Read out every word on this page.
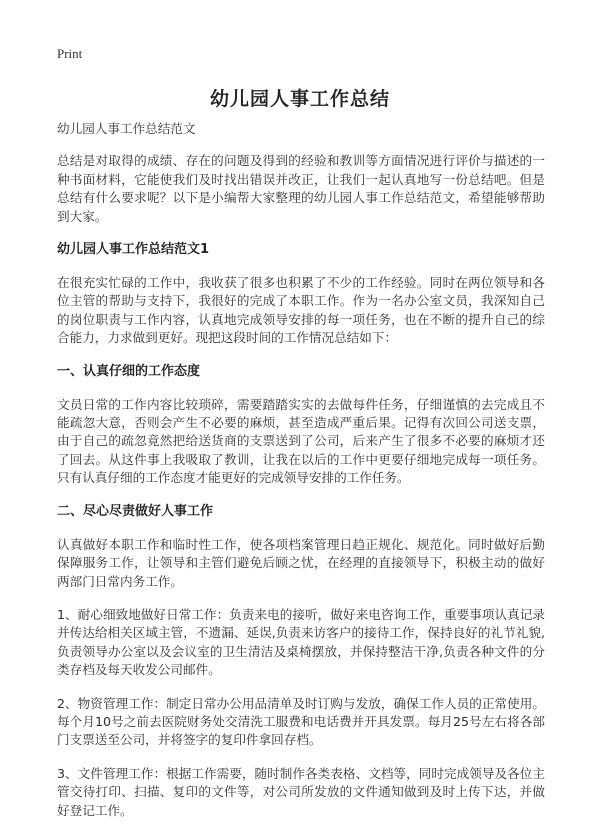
Print
幼儿园人事工作总结

幼儿园人事工作总结范文

总结是对取得的成绩、存在的问题及得到的经验和教训等方面情况进行评价与描述的一种书面材料，它能使我们及时找出错误并改正，让我们一起认真地写一份总结吧。但是总结有什么要求呢？以下是小编帮大家整理的幼儿园人事工作总结范文，希望能够帮助到大家。

幼儿园人事工作总结范文1

在很充实忙碌的工作中，我收获了很多也积累了不少的工作经验。同时在两位领导和各位主管的帮助与支持下，我很好的完成了本职工作。作为一名办公室文员，我深知自己的岗位职责与工作内容，认真地完成领导安排的每一项任务，也在不断的提升自己的综合能力，力求做到更好。现把这段时间的工作情况总结如下：

一、认真仔细的工作态度

文员日常的工作内容比较琐碎，需要踏踏实实的去做每件任务，仔细谨慎的去完成且不能疏忽大意，否则会产生不必要的麻烦，甚至造成严重后果。记得有次回公司送支票，由于自己的疏忽竟然把给送货商的支票送到了公司，后来产生了很多不必要的麻烦才还了回去。从这件事上我吸取了教训，让我在以后的工作中更要仔细地完成每一项任务。只有认真仔细的工作态度才能更好的完成领导安排的工作任务。

二、尽心尽责做好人事工作

认真做好本职工作和临时性工作，使各项档案管理日趋正规化、规范化。同时做好后勤保障服务工作，让领导和主管们避免后顾之忧，在经理的直接领导下，积极主动的做好两部门日常内务工作。

1、耐心细致地做好日常工作：负责来电的接听，做好来电咨询工作，重要事项认真记录并传达给相关区域主管，不遗漏、延误,负责来访客户的接待工作，保持良好的礼节礼貌,负责领导办公室以及会议室的卫生清洁及桌椅摆放，并保持整洁干净,负责各种文件的分类存档及每天收发公司邮件。

2、物资管理工作：制定日常办公用品清单及时订购与发放，确保工作人员的正常使用。每个月10号之前去医院财务处交清洗工服费和电话费并开具发票。每月25号左右将各部门支票送至公司，并将签字的复印件拿回存档。

3、文件管理工作：根据工作需要，随时制作各类表格、文档等，同时完成领导及各位主管交待打印、扫描、复印的文件等，对公司所发放的文件通知做到及时上传下达，并做好登记工作。
